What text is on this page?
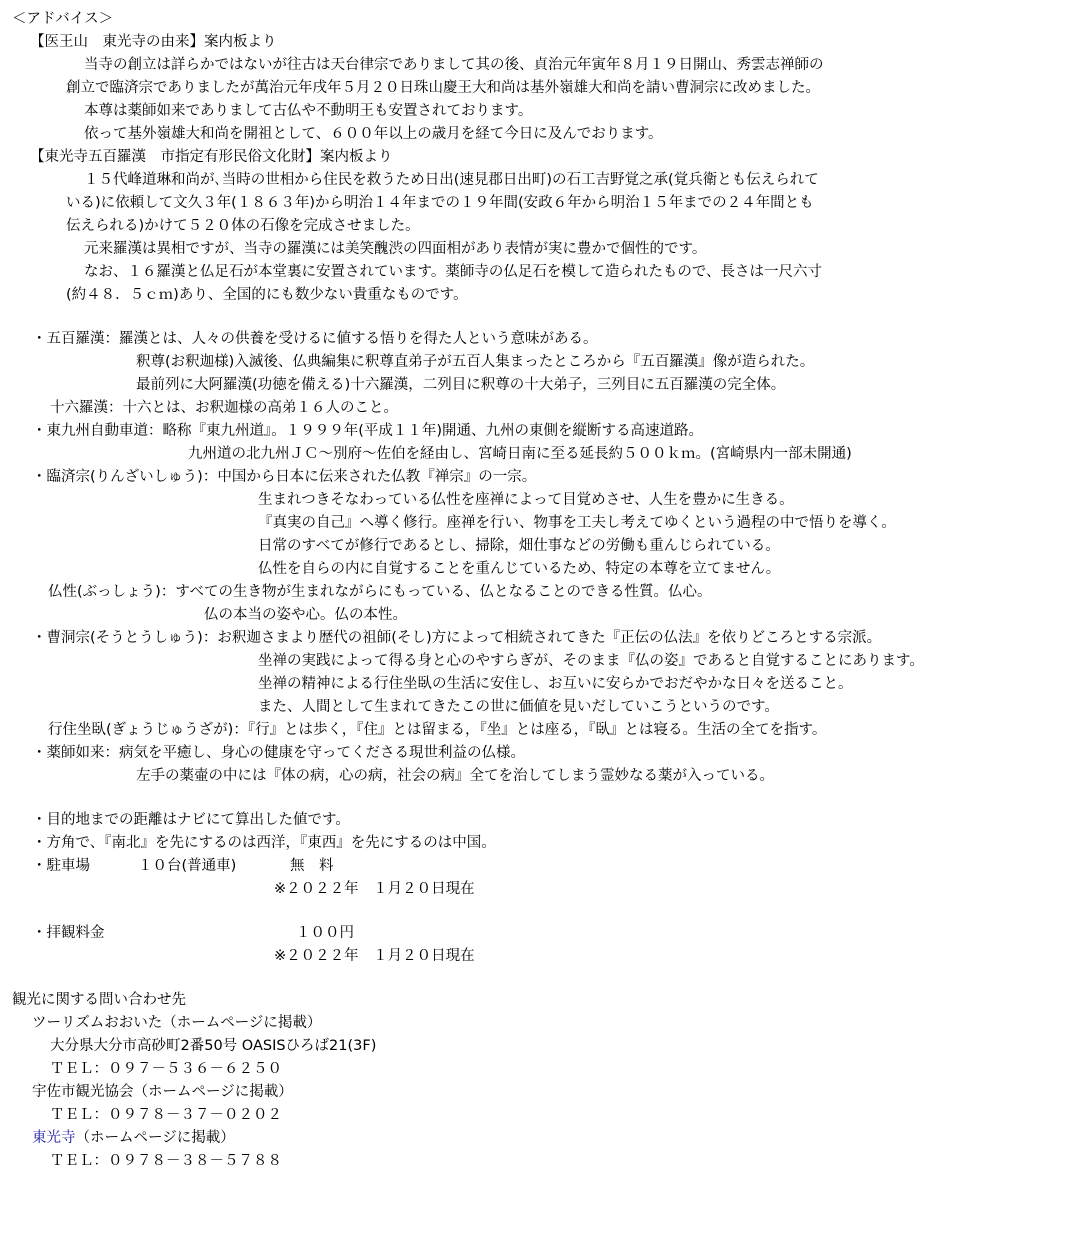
＜アドバイス＞
【医王山　東光寺の由来】案内板より
当寺の創立は詳らかではないが往古は天台律宗でありまして其の後、貞治元年寅年８月１９日開山、秀雲志禅師の
創立で臨済宗でありましたが萬治元年戌年５月２０日珠山慶王大和尚は基外嶺雄大和尚を請い曹洞宗に改めました。
本尊は薬師如来でありまして古仏や不動明王も安置されております。
依って基外嶺雄大和尚を開祖として、６００年以上の歳月を経て今日に及んでおります。
【東光寺五百羅漢　市指定有形民俗文化財】案内板より
１５代峰道琳和尚が､当時の世相から住民を救うため日出(速見郡日出町)の石工吉野覚之承(覚兵衛とも伝えられて
いる)に依頼して文久３年(１８６３年)から明治１４年までの１９年間(安政６年から明治１５年までの２４年間とも
伝えられる)かけて５２０体の石像を完成させました。
元来羅漢は異相ですが、当寺の羅漢には美笑醜渋の四面相があり表情が実に豊かで個性的です。
なお、１６羅漢と仏足石が本堂裏に安置されています。薬師寺の仏足石を模して造られたもので、長さは一尺六寸
(約４８．５ｃｍ)あり、全国的にも数少ない貴重なものです。
・五百羅漢：羅漢とは、人々の供養を受けるに値する悟りを得た人という意味がある。
釈尊(お釈迦様)入滅後、仏典編集に釈尊直弟子が五百人集まったところから『五百羅漢』像が造られた。
最前列に大阿羅漢(功徳を備える)十六羅漢，二列目に釈尊の十大弟子，三列目に五百羅漢の完全体。
十六羅漢：十六とは、お釈迦様の高弟１６人のこと。
・東九州自動車道：略称『東九州道』。１９９９年(平成１１年)開通、九州の東側を縦断する高速道路。
九州道の北九州ＪＣ～別府～佐伯を経由し、宮崎日南に至る延長約５００ｋｍ。(宮崎県内一部未開通)
・臨済宗(りんざいしゅう)：中国から日本に伝来された仏教『禅宗』の一宗。
生まれつきそなわっている仏性を座禅によって目覚めさせ、人生を豊かに生きる。
『真実の自己』へ導く修行。座禅を行い、物事を工夫し考えてゆくという過程の中で悟りを導く。
日常のすべてが修行であるとし、掃除，畑仕事などの労働も重んじられている。
仏性を自らの内に自覚することを重んじているため、特定の本尊を立てません。
仏性(ぶっしょう)：すべての生き物が生まれながらにもっている、仏となることのできる性質。仏心。
仏の本当の姿や心。仏の本性。
・曹洞宗(そうとうしゅう)：お釈迦さまより歴代の祖師(そし)方によって相続されてきた『正伝の仏法』を依りどころとする宗派。
坐禅の実践によって得る身と心のやすらぎが、そのまま『仏の姿』であると自覚することにあります。
坐禅の精神による行住坐臥の生活に安住し、お互いに安らかでおだやかな日々を送ること。
また、人間として生まれてきたこの世に価値を見いだしていこうというのです。
行住坐臥(ぎょうじゅうざが)：『行』とは歩く，『住』とは留まる，『坐』とは座る，『臥』とは寝る。生活の全てを指す。
・薬師如来：病気を平癒し、身心の健康を守ってくださる現世利益の仏様。
左手の薬壷の中には『体の病，心の病，社会の病』全てを治してしまう霊妙なる薬が入っている。
・目的地までの距離はナビにて算出した値です。
・方角で、『南北』を先にするのは西洋，『東西』を先にするのは中国。
・駐車場	１０台(普通車)	無　料
※２０２２年　１月２０日現在
・拝観料金	１００円
※２０２２年　１月２０日現在
観光に関する問い合わせ先
ツーリズムおおいた（ホームページに掲載）
大分県大分市高砂町2番50号 OASISひろば21(3F)
ＴＥＬ：０９７－５３６－６２５０
宇佐市観光協会（ホームページに掲載）
ＴＥＬ：０９７８－３７－０２０２
東光寺（ホームページに掲載）
ＴＥＬ：０９７８－３８－５７８８
